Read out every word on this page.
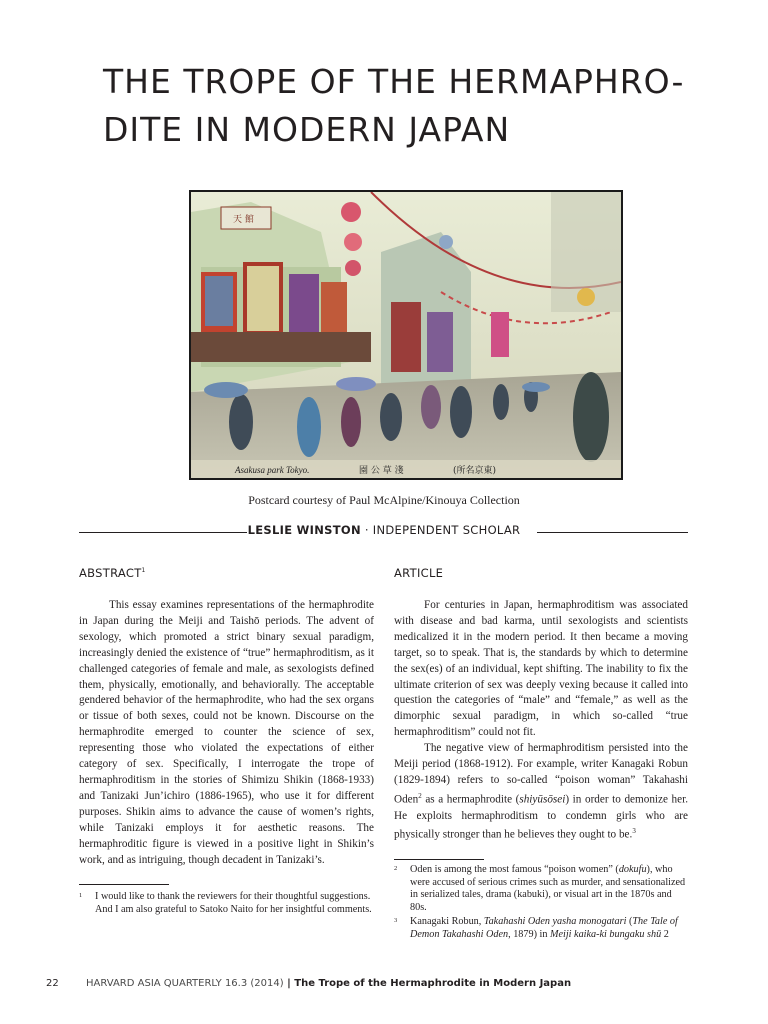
THE TROPE OF THE HERMAPHRO-
DITE IN MODERN JAPAN
Asakusa park Tokyo.	園 公 草 淺	(所名京東)
天 館
Postcard courtesy of Paul McAlpine/Kinouya Collection
LESLIE WINSTON · INDEPENDENT SCHOLAR
ABSTRACT$^1$	ARTICLE

This essay examines representations of the hermaphrodite in Japan during the Meiji and Taishō periods. The advent of sexology, which promoted a strict binary sexual paradigm, increasingly denied the existence of “true” hermaphroditism, as it challenged categories of female and male, as sexologists defined them, physically, emotionally, and behaviorally. The acceptable gendered behavior of the hermaphrodite, who had the sex organs or tissue of both sexes, could not be known. Discourse on the hermaphrodite emerged to counter the science of sex, representing those who violated the expectations of either category of sex. Specifically, I interrogate the trope of hermaphroditism in the stories of Shimizu Shikin (1868-1933) and Tanizaki Jun’ichiro (1886-1965), who use it for different purposes. Shikin aims to advance the cause of women’s rights, while Tanizaki employs it for aesthetic reasons. The hermaphroditic figure is viewed in a positive light in Shikin’s work, and as intriguing, though decadent in Tanizaki’s.

For centuries in Japan, hermaphroditism was associated with disease and bad karma, until sexologists and scientists medicalized it in the modern period. It then became a moving target, so to speak. That is, the standards by which to determine the sex(es) of an individual, kept shifting. The inability to fix the ultimate criterion of sex was deeply vexing because it called into question the categories of “male” and “female,” as well as the dimorphic sexual paradigm, in which so-called “true hermaphroditism” could not fit.

The negative view of hermaphroditism persisted into the Meiji period (1868-1912). For example, writer Kanagaki Robun (1829-1894) refers to so-called “poison woman” Takahashi Oden$^2$ as a hermaphrodite (shiyūsōsei) in order to demonize her. He exploits hermaphroditism to condemn girls who are physically stronger than he believes they ought to be.$^3$

1	I would like to thank the reviewers for their thoughtful suggestions. And I am also grateful to Satoko Naito for her insightful comments.
2	Oden is among the most famous “poison women” (dokufu), who were accused of serious crimes such as murder, and sensationalized in serialized tales, drama (kabuki), or visual art in the 1870s and 80s.
3	Kanagaki Robun, Takahashi Oden yasha monogatari (The Tale of Demon Takahashi Oden, 1879) in Meiji kaika-ki bungaku shū 2
22	HARVARD ASIA QUARTERLY 16.3 (2014) | The Trope of the Hermaphrodite in Modern Japan
